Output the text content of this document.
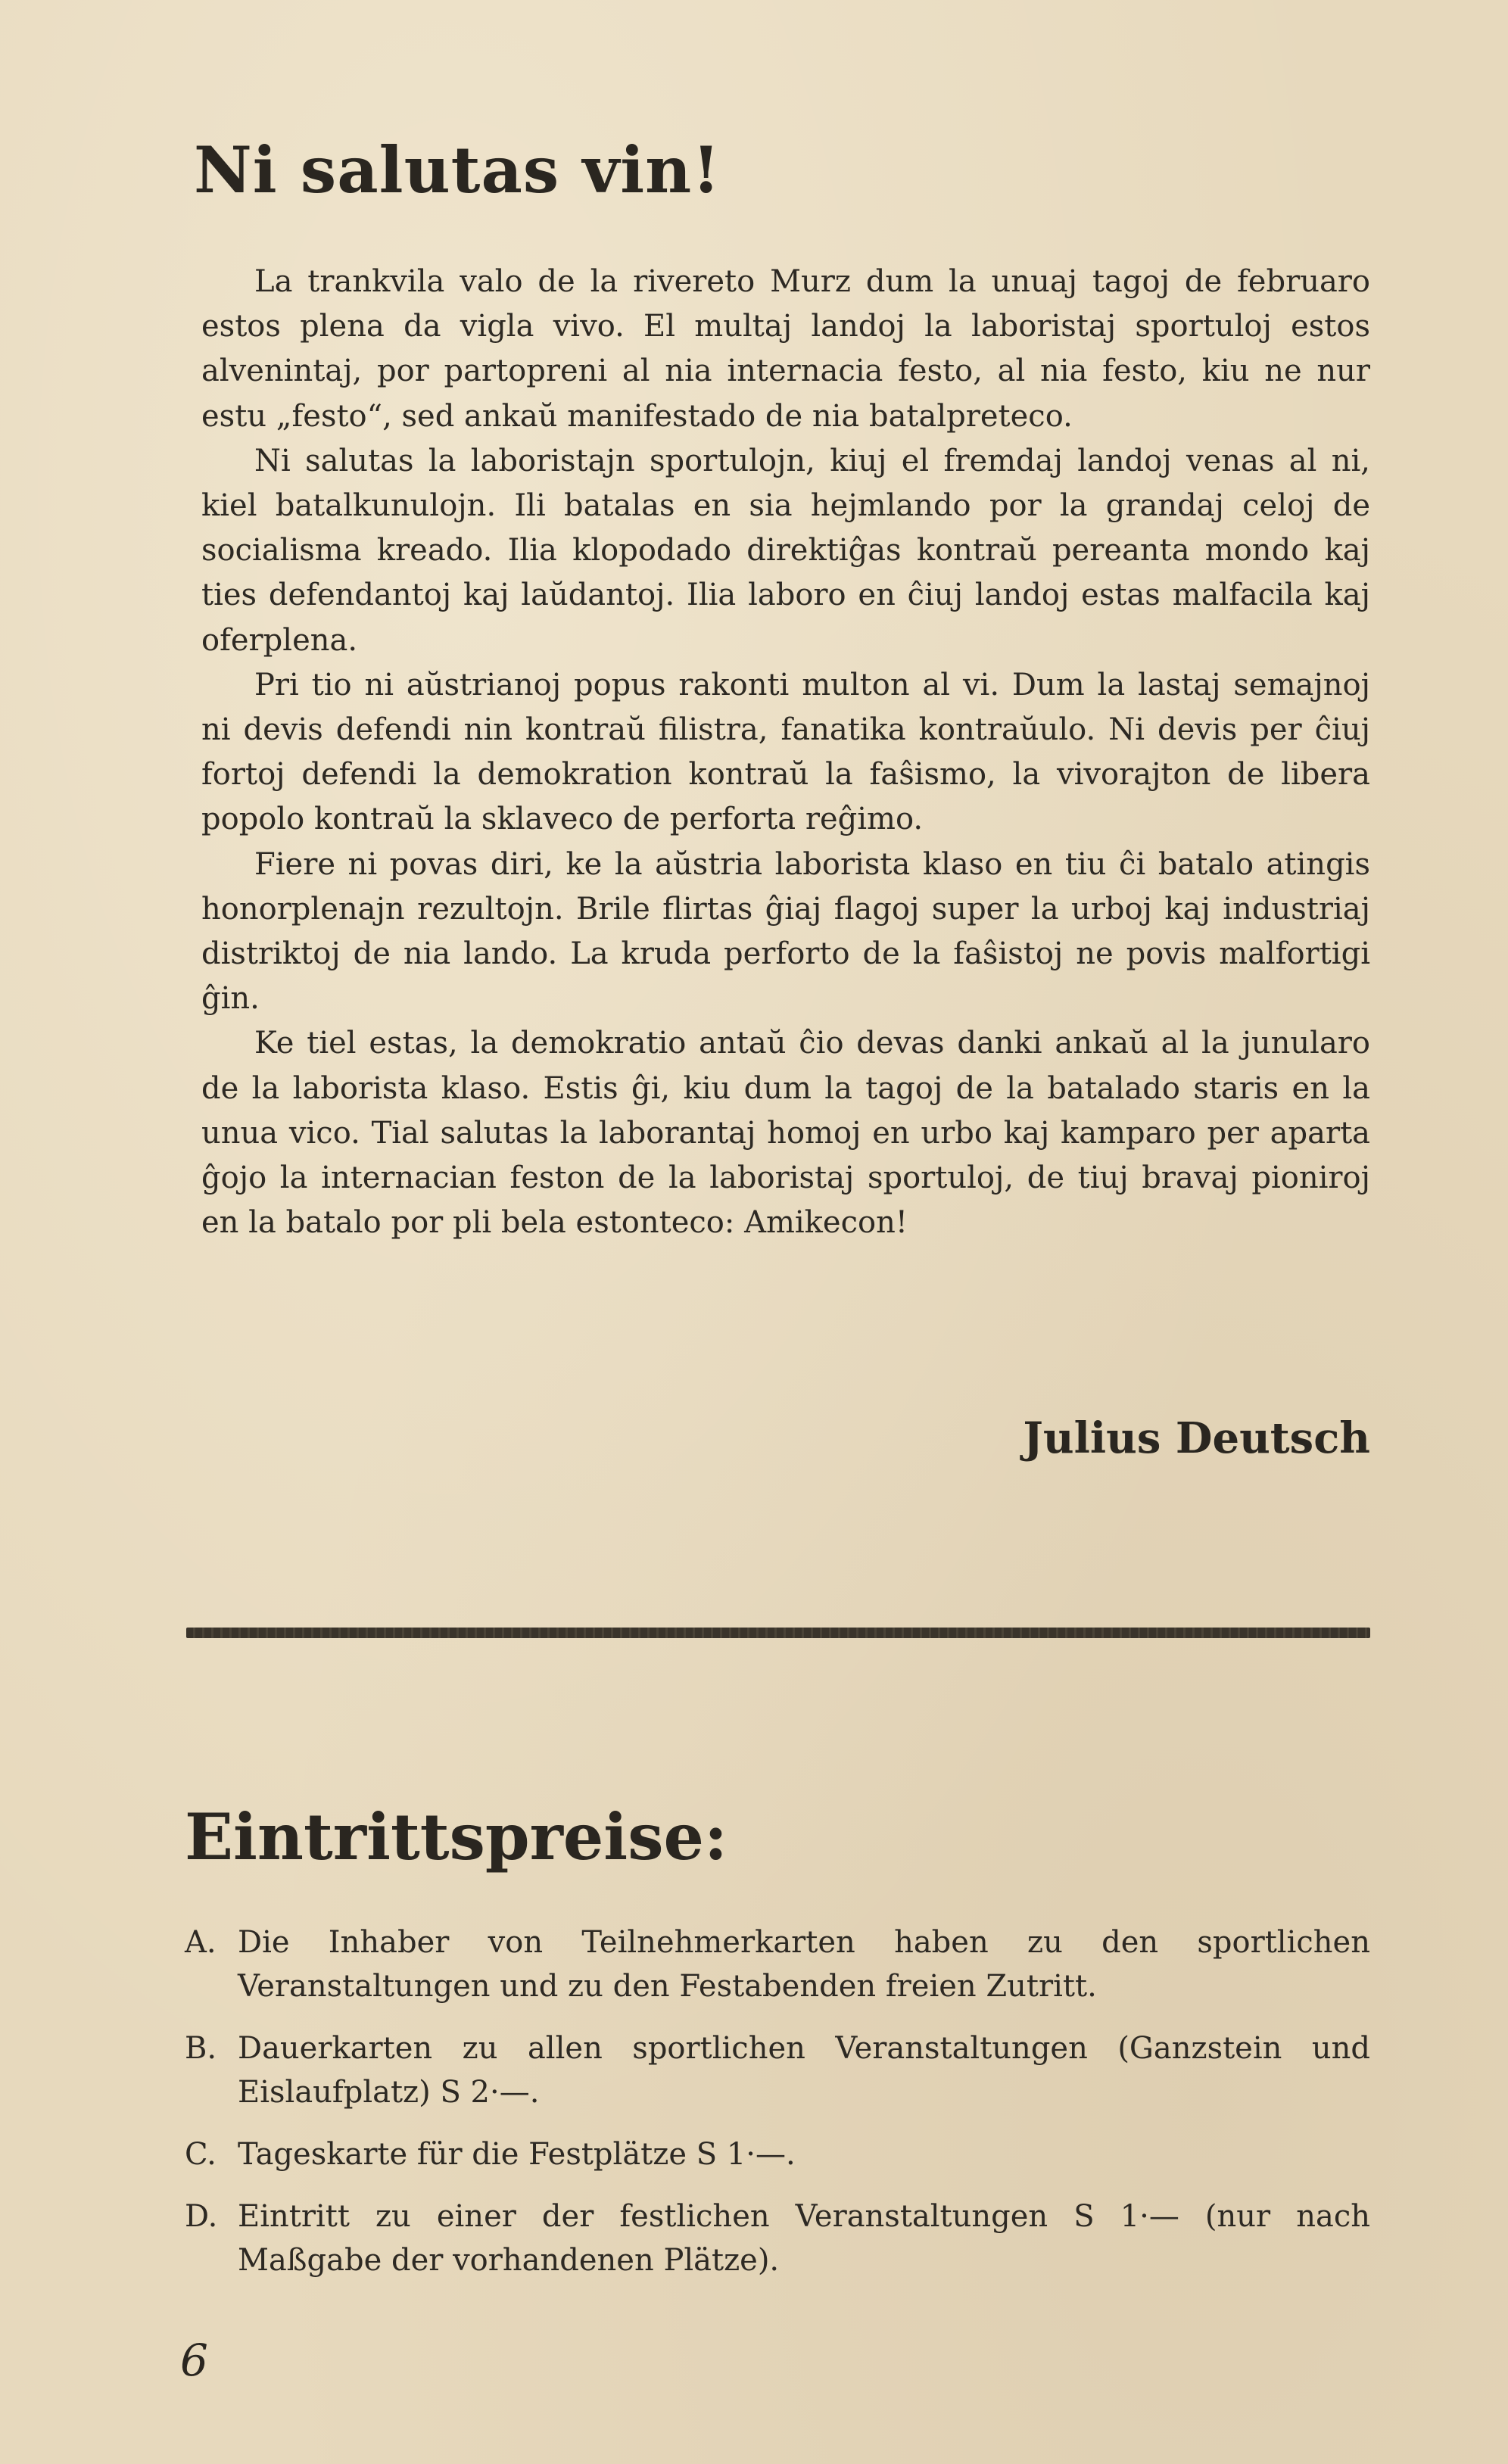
Ni salutas vin!

La trankvila valo de la rivereto Murz dum la unuaj tagoj de februaro estos plena da vigla vivo. El multaj landoj la laboristaj sportuloj estos alvenintaj, por partopreni al nia internacia festo, al nia festo, kiu ne nur estu „festo“, sed ankaŭ manifestado de nia batalpreteco.

Ni salutas la laboristajn sportulojn, kiuj el fremdaj landoj venas al ni, kiel batalkunulojn. Ili batalas en sia hejmlando por la grandaj celoj de socialisma kreado. Ilia klopodado direktiĝas kontraŭ pereanta mondo kaj ties defendantoj kaj laŭdantoj. Ilia laboro en ĉiuj landoj estas malfacila kaj oferplena.

Pri tio ni aŭstrianoj popus rakonti multon al vi. Dum la lastaj semajnoj ni devis defendi nin kontraŭ filistra, fanatika kontraŭulo. Ni devis per ĉiuj fortoj defendi la demokration kontraŭ la faŝismo, la vivorajton de libera popolo kontraŭ la sklaveco de perforta reĝimo.

Fiere ni povas diri, ke la aŭstria laborista klaso en tiu ĉi batalo atingis honorplenajn rezultojn. Brile flirtas ĝiaj flagoj super la urboj kaj industriaj distriktoj de nia lando. La kruda perforto de la faŝistoj ne povis malfortigi ĝin.

Ke tiel estas, la demokratio antaŭ ĉio devas danki ankaŭ al la junularo de la laborista klaso. Estis ĝi, kiu dum la tagoj de la batalado staris en la unua vico. Tial salutas la laborantaj homoj en urbo kaj kamparo per aparta ĝojo la internacian feston de la laboristaj sportuloj, de tiuj bravaj pioniroj en la batalo por pli bela estonteco: Amikecon!

Julius Deutsch

Eintrittspreise:
A. Die Inhaber von Teilnehmerkarten haben zu den sportlichen Veranstaltungen und zu den Festabenden freien Zutritt.
B. Dauerkarten zu allen sportlichen Veranstaltungen (Ganzstein und Eislaufplatz) S 2·—.
C. Tageskarte für die Festplätze S 1·—.
D. Eintritt zu einer der festlichen Veranstaltungen S 1·— (nur nach Maßgabe der vorhandenen Plätze).

6
